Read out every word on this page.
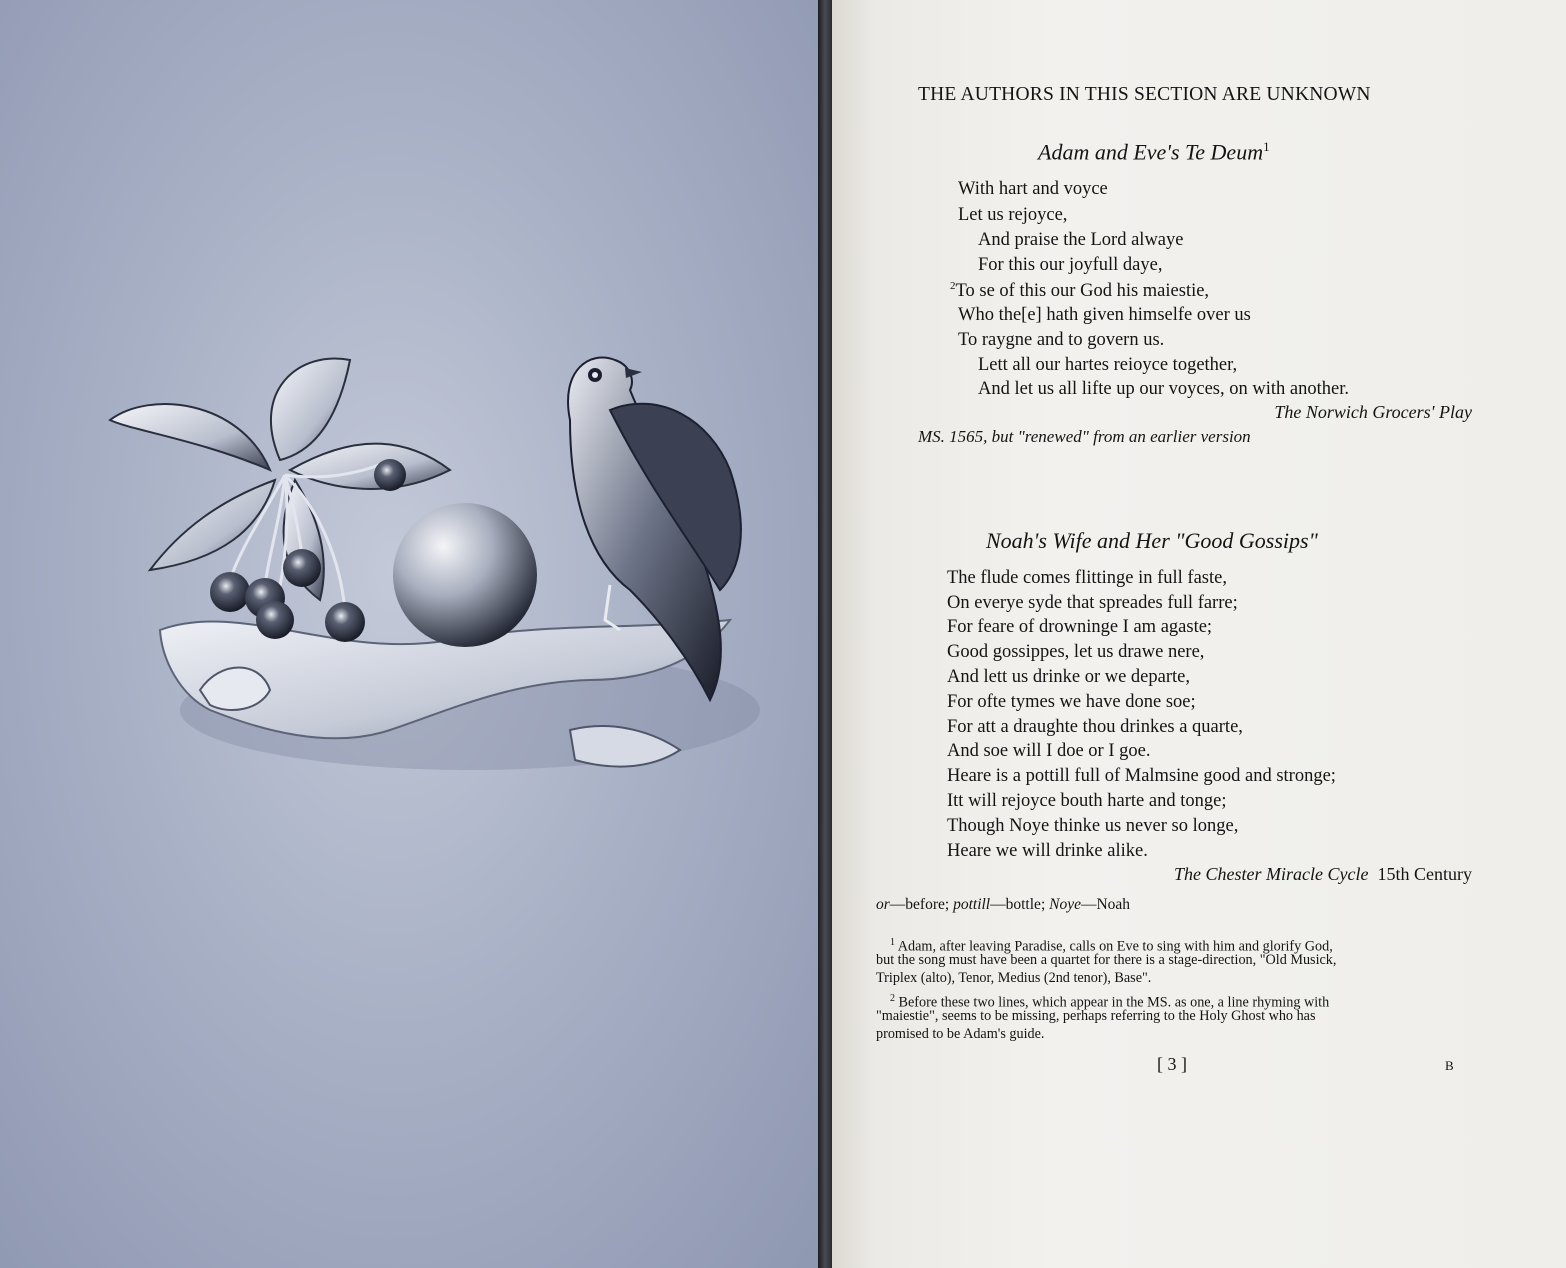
THE AUTHORS IN THIS SECTION ARE UNKNOWN
Adam and Eve's Te Deum$^1$
With hart and voyce
Let us rejoyce,
And praise the Lord alwaye
For this our joyfull daye,
$^2$To se of this our God his maiestie,
Who the[e] hath given himselfe over us
To raygne and to govern us.
Lett all our hartes reioyce together,
And let us all lifte up our voyces, on with another.
The Norwich Grocers' Play
MS. 1565, but "renewed" from an earlier version
Noah's Wife and Her "Good Gossips"
The flude comes flittinge in full faste,
On everye syde that spreades full farre;
For feare of drowninge I am agaste;
Good gossippes, let us drawe nere,
And lett us drinke or we departe,
For ofte tymes we have done soe;
For att a draughte thou drinkes a quarte,
And soe will I doe or I goe.
Heare is a pottill full of Malmsine good and stronge;
Itt will rejoyce bouth harte and tonge;
Though Noye thinke us never so longe,
Heare we will drinke alike.
The Chester Miracle Cycle 15th Century
or—before; pottill—bottle; Noye—Noah
$^1$ Adam, after leaving Paradise, calls on Eve to sing with him and glorify God,
but the song must have been a quartet for there is a stage-direction, "Old Musick,
Triplex (alto), Tenor, Medius (2nd tenor), Base".
$^2$ Before these two lines, which appear in the MS. as one, a line rhyming with
"maiestie", seems to be missing, perhaps referring to the Holy Ghost who has
promised to be Adam's guide.
[ 3 ]	B
